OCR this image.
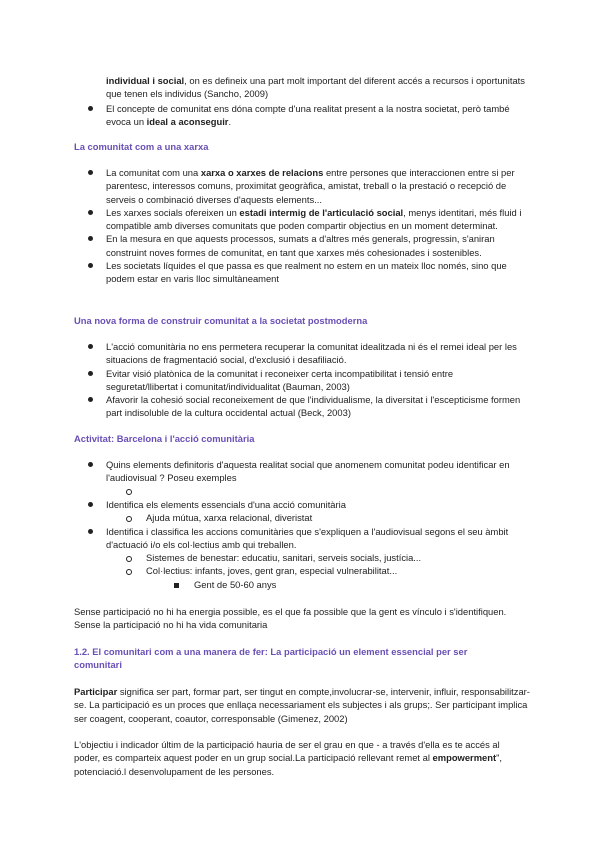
individual i social, on es defineix una part molt important del diferent accés a recursos i oportunitats que tenen els individus (Sancho, 2009)
El concepte de comunitat ens dóna compte d'una realitat present a la nostra societat, però també evoca un ideal a aconseguir.
La comunitat com a una xarxa
La comunitat com una xarxa o xarxes de relacions entre persones que interaccionen entre si per parentesc, interessos comuns, proximitat geogràfica, amistat, treball o la prestació o recepció de serveis o combinació diverses d'aquests elements...
Les xarxes socials ofereixen un estadi intermig de l'articulació social, menys identitari, més fluid i compatible amb diverses comunitats que poden compartir objectius en un moment determinat.
En la mesura en que aquests processos, sumats a d'altres més generals, progressin, s'aniran construint noves formes de comunitat, en tant que xarxes més cohesionades i sostenibles.
Les societats líquides el que passa es que realment no estem en un mateix lloc només, sino que podem estar en varis lloc simultàneament
Una nova forma de construir comunitat a la societat postmoderna
L'acció comunitària no ens permetera recuperar la comunitat idealitzada ni és el remei ideal per les situacions de fragmentació social, d'exclusió i desafiliació.
Evitar visió platònica de la comunitat i reconeixer certa incompatibilitat i tensió entre seguretat/llibertat i comunitat/individualitat (Bauman, 2003)
Afavorir la cohesió social reconeixement de que l'individualisme, la diversitat i l'escepticisme formen part indisoluble de la cultura occidental actual (Beck, 2003)
Activitat: Barcelona i l'acció comunitària
Quins elements definitoris d'aquesta realitat social que anomenem comunitat podeu identificar en l'audiovisual ? Poseu exemples
Identifica els elements essencials d'una acció comunitària
Ajuda mútua, xarxa relacional, diveristat
Identifica i classifica les accions comunitàries que s'expliquen a l'audiovisual segons el seu àmbit d'actuació i/o els col·lectius amb qui treballen.
Sistemes de benestar: educatiu, sanitari, serveis socials, justícia...
Col·lectius: infants, joves, gent gran, especial vulnerabilitat...
Gent de 50-60 anys

Sense participació no hi ha energia possible, es el que fa possible que la gent es vínculo i s'identifiquen. Sense la participació no hi ha vida comunitaria

1.2. El comunitari com a una manera de fer: La participació un element essencial per ser comunitari

Participar significa ser part, formar part, ser tingut en compte,involucrar-se, intervenir, influir, responsabilitzar-se. La participació es un proces que enllaça necessariament els subjectes i als grups;. Ser participant implica ser coagent, cooperant, coautor, corresponsable (Gimenez, 2002)

L'objectiu i indicador últim de la participació hauria de ser el grau en que - a través d'ella es te accés al poder, es comparteix aquest poder en un grup social.La participació rellevant remet al empowerment", potenciació.l desenvolupament de les persones.
